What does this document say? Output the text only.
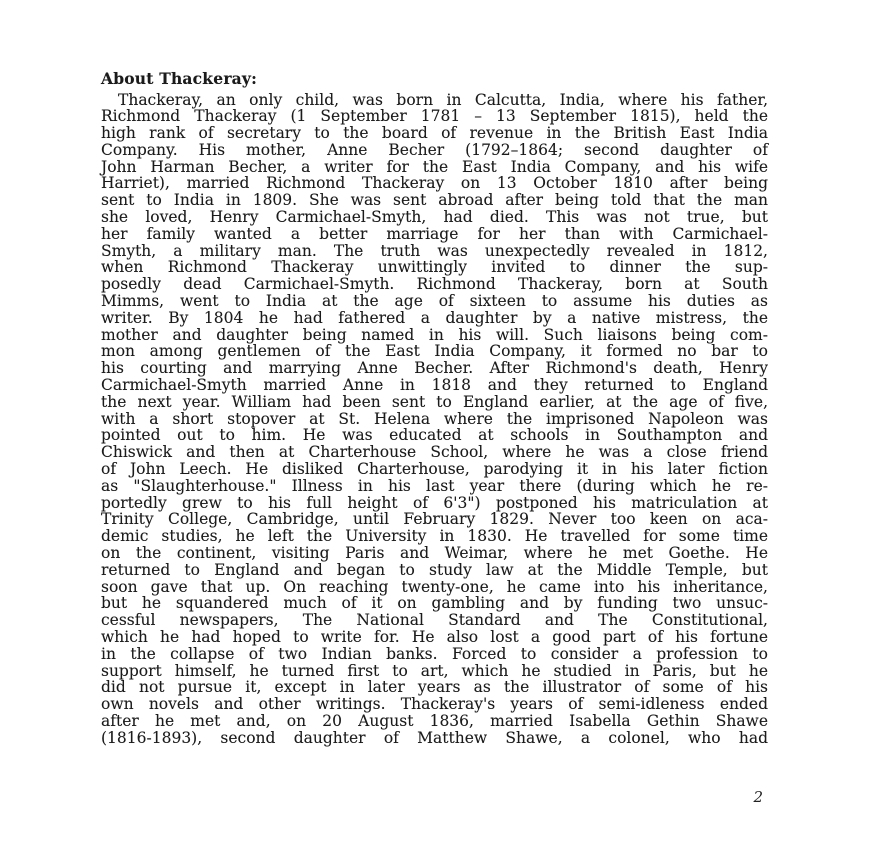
About Thackeray:
Thackeray, an only child, was born in Calcutta, India, where his father,
Richmond Thackeray (1 September 1781 – 13 September 1815), held the
high rank of secretary to the board of revenue in the British East India
Company. His mother, Anne Becher (1792–1864; second daughter of
John Harman Becher, a writer for the East India Company, and his wife
Harriet), married Richmond Thackeray on 13 October 1810 after being
sent to India in 1809. She was sent abroad after being told that the man
she loved, Henry Carmichael-Smyth, had died. This was not true, but
her family wanted a better marriage for her than with Carmichael-
Smyth, a military man. The truth was unexpectedly revealed in 1812,
when Richmond Thackeray unwittingly invited to dinner the sup-
posedly dead Carmichael-Smyth. Richmond Thackeray, born at South
Mimms, went to India at the age of sixteen to assume his duties as
writer. By 1804 he had fathered a daughter by a native mistress, the
mother and daughter being named in his will. Such liaisons being com-
mon among gentlemen of the East India Company, it formed no bar to
his courting and marrying Anne Becher. After Richmond's death, Henry
Carmichael-Smyth married Anne in 1818 and they returned to England
the next year. William had been sent to England earlier, at the age of five,
with a short stopover at St. Helena where the imprisoned Napoleon was
pointed out to him. He was educated at schools in Southampton and
Chiswick and then at Charterhouse School, where he was a close friend
of John Leech. He disliked Charterhouse, parodying it in his later fiction
as "Slaughterhouse." Illness in his last year there (during which he re-
portedly grew to his full height of 6'3") postponed his matriculation at
Trinity College, Cambridge, until February 1829. Never too keen on aca-
demic studies, he left the University in 1830. He travelled for some time
on the continent, visiting Paris and Weimar, where he met Goethe. He
returned to England and began to study law at the Middle Temple, but
soon gave that up. On reaching twenty-one, he came into his inheritance,
but he squandered much of it on gambling and by funding two unsuc-
cessful newspapers, The National Standard and The Constitutional,
which he had hoped to write for. He also lost a good part of his fortune
in the collapse of two Indian banks. Forced to consider a profession to
support himself, he turned first to art, which he studied in Paris, but he
did not pursue it, except in later years as the illustrator of some of his
own novels and other writings. Thackeray's years of semi-idleness ended
after he met and, on 20 August 1836, married Isabella Gethin Shawe
(1816-1893), second daughter of Matthew Shawe, a colonel, who had
2
